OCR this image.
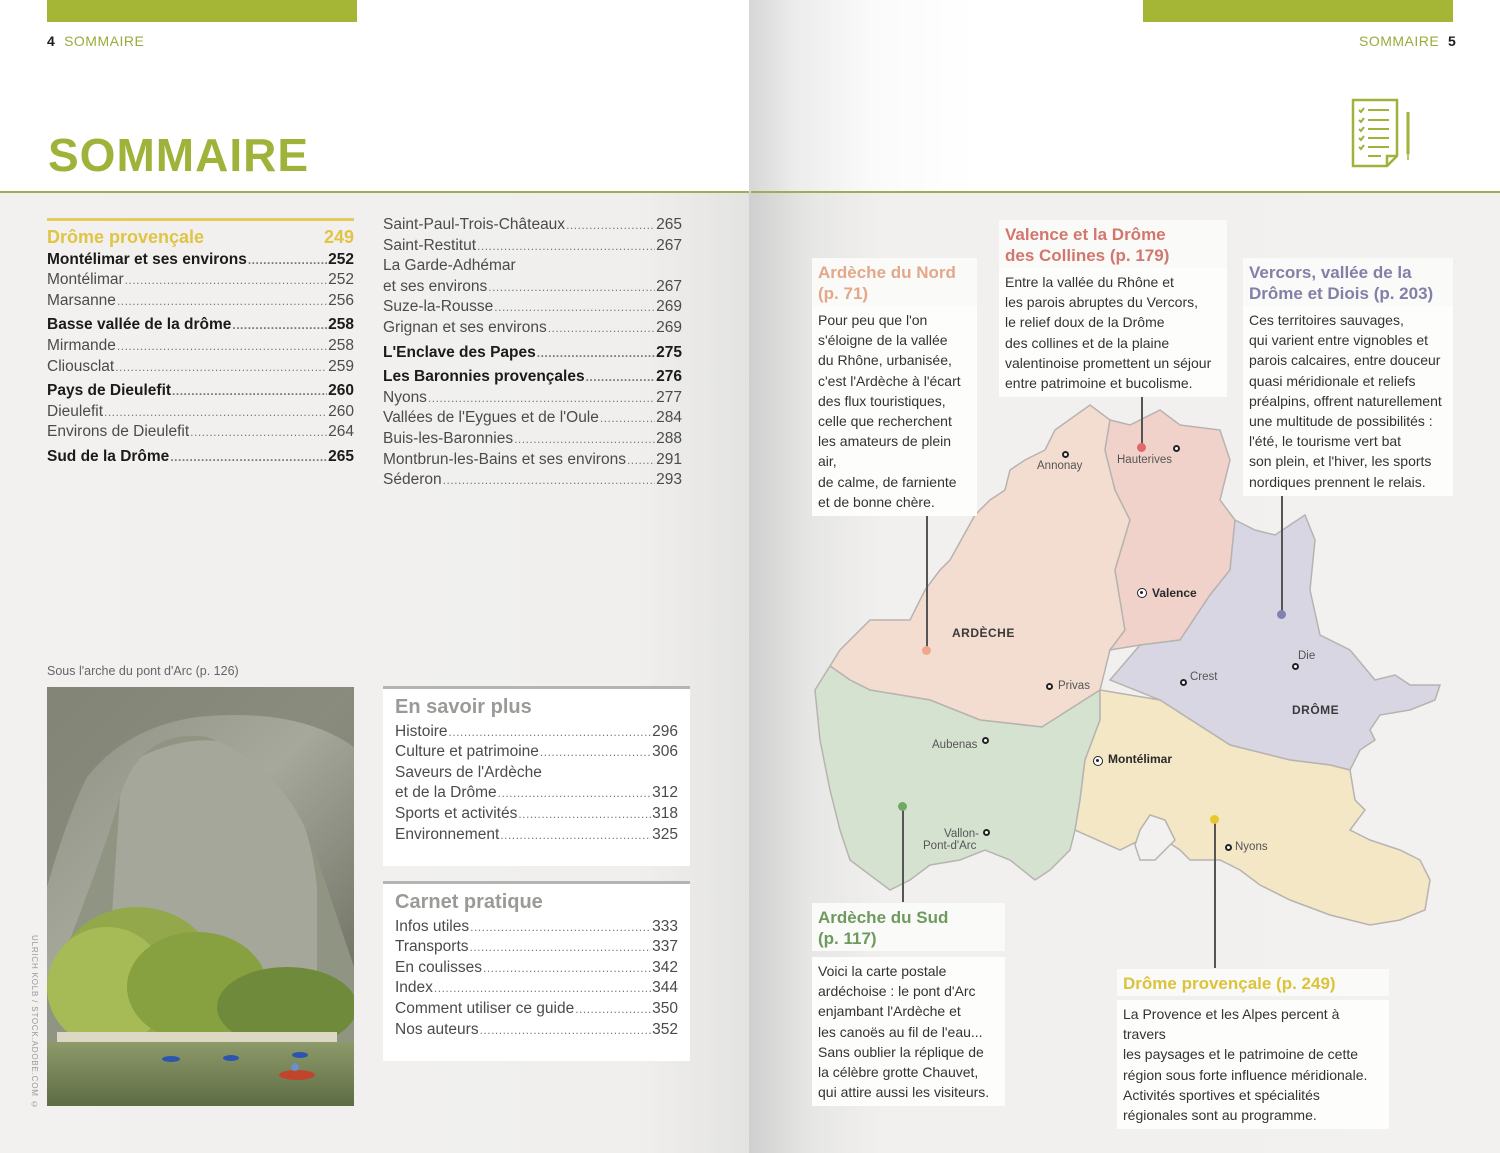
4 SOMMAIRE
SOMMAIRE
Drôme provençale	249
Montélimar et ses environs .....	252
Montélimar .....	252
Marsanne .....	256
Basse vallée de la drôme .....	258
Mirmande .....	258
Cliousclat .....	259
Pays de Dieulefit .....	260
Dieulefit .....	260
Environs de Dieulefit .....	264
Sud de la Drôme .....	265
Saint-Paul-Trois-Châteaux .....	265
Saint-Restitut .....	267
La Garde-Adhémar
et ses environs .....	267
Suze-la-Rousse .....	269
Grignan et ses environs .....	269
L'Enclave des Papes .....	275
Les Baronnies provençales .....	276
Nyons .....	277
Vallées de l'Eygues et de l'Oule .....	284
Buis-les-Baronnies .....	288
Montbrun-les-Bains et ses environs ..... 291
Séderon .....	293
Sous l'arche du pont d'Arc (p. 126)
ULRICH KOLB / STOCK.ADOBE.COM ©
En savoir plus
Histoire .....	296
Culture et patrimoine .....	306
Saveurs de l'Ardèche
et de la Drôme .....	312
Sports et activités .....	318
Environnement .....	325
Carnet pratique
Infos utiles .....	333
Transports .....	337
En coulisses .....	342
Index .....	344
Comment utiliser ce guide .....	350
Nos auteurs .....	352
SOMMAIRE 5
ARDÈCHE
DRÔME
Annonay	Hauterives
Valence
Privas
Crest
Die
Aubenas
Montélimar
Vallon-
Pont-d'Arc	Nyons
Ardèche du Nord
(p. 71)
Pour peu que l'on
s'éloigne de la vallée
du Rhône, urbanisée,
c'est l'Ardèche à l'écart
des flux touristiques,
celle que recherchent
les amateurs de plein air,
de calme, de farniente
et de bonne chère.
Valence et la Drôme
des Collines (p. 179)
Entre la vallée du Rhône et
les parois abruptes du Vercors,
le relief doux de la Drôme
des collines et de la plaine
valentinoise promettent un séjour
entre patrimoine et bucolisme.
Vercors, vallée de la
Drôme et Diois (p. 203)
Ces territoires sauvages,
qui varient entre vignobles et
parois calcaires, entre douceur
quasi méridionale et reliefs
préalpins, offrent naturellement
une multitude de possibilités :
l'été, le tourisme vert bat
son plein, et l'hiver, les sports
nordiques prennent le relais.
Ardèche du Sud
(p. 117)
Voici la carte postale
ardéchoise : le pont d'Arc
enjambant l'Ardèche et
les canoës au fil de l'eau...
Sans oublier la réplique de
la célèbre grotte Chauvet,
qui attire aussi les visiteurs.
Drôme provençale (p. 249)
La Provence et les Alpes percent à travers
les paysages et le patrimoine de cette
région sous forte influence méridionale.
Activités sportives et spécialités
régionales sont au programme.
